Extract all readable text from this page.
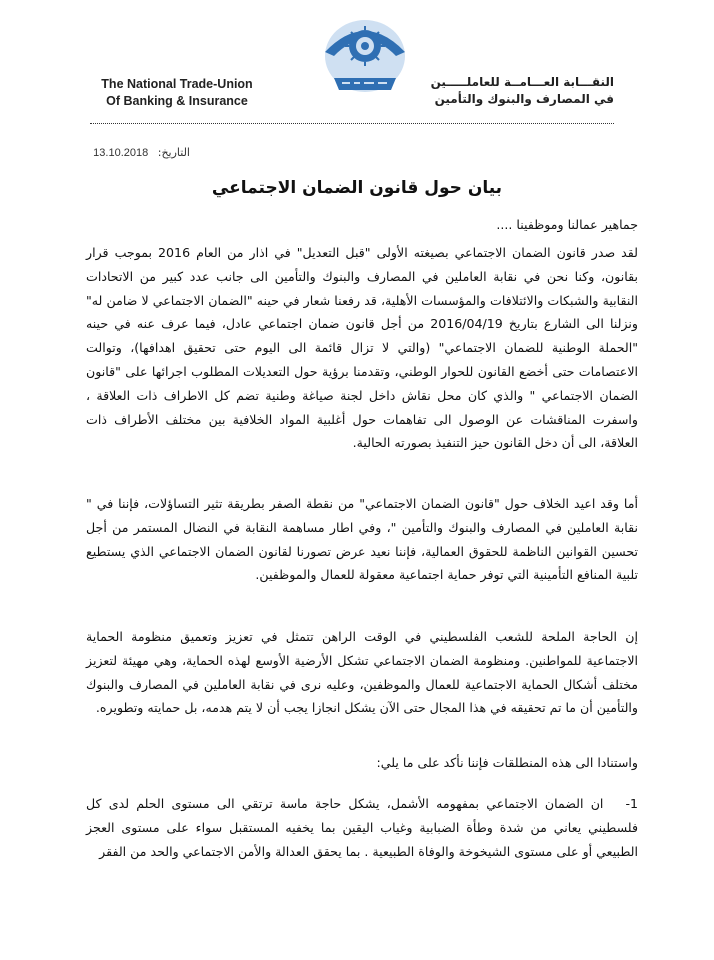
The National Trade-Union
Of Banking & Insurance
النقـــابة العـــامــة للعاملـــــين
في المصارف والبنوك والتأمين
التاريخ: 13.10.2018
بيان حول قانون الضمان الاجتماعي
جماهير عمالنا وموظفينا ....
لقد صدر قانون الضمان الاجتماعي بصيغته الأولى "قبل التعديل" في اذار من العام 2016 بموجب قرار بقانون، وكنا نحن في نقابة العاملين في المصارف والبنوك والتأمين الى جانب عدد كبير من الاتحادات النقابية والشبكات والائتلافات والمؤسسات الأهلية، قد رفعنا شعار في حينه "الضمان الاجتماعي لا ضامن له" ونزلنا الى الشارع بتاريخ 2016/04/19 من أجل قانون ضمان اجتماعي عادل، فيما عرف عنه في حينه "الحملة الوطنية للضمان الاجتماعي" (والتي لا تزال قائمة الى اليوم حتى تحقيق اهدافها)، وتوالت الاعتصامات حتى أخضع القانون للحوار الوطني، وتقدمنا برؤية حول التعديلات المطلوب اجرائها على "قانون الضمان الاجتماعي " والذي كان محل نقاش داخل لجنة صياغة وطنية تضم كل الاطراف ذات العلاقة ، واسفرت المناقشات عن الوصول الى تفاهمات حول أغلبية المواد الخلافية بين مختلف الأطراف ذات العلاقة، الى أن دخل القانون حيز التنفيذ بصورته الحالية.
أما وقد اعيد الخلاف حول "قانون الضمان الاجتماعي" من نقطة الصفر بطريقة تثير التساؤلات، فإننا في " نقابة العاملين في المصارف والبنوك والتأمين "، وفي اطار مساهمة النقابة في النضال المستمر من أجل تحسين القوانين الناظمة للحقوق العمالية، فإننا نعيد عرض تصورنا لقانون الضمان الاجتماعي الذي يستطيع تلبية المنافع التأمينية التي توفر حماية اجتماعية معقولة للعمال والموظفين.
إن الحاجة الملحة للشعب الفلسطيني في الوقت الراهن تتمثل في تعزيز وتعميق منظومة الحماية الاجتماعية للمواطنين. ومنظومة الضمان الاجتماعي تشكل الأرضية الأوسع لهذه الحماية، وهي مهيئة لتعزيز مختلف أشكال الحماية الاجتماعية للعمال والموظفين، وعليه نرى في نقابة العاملين في المصارف والبنوك والتأمين أن ما تم تحقيقه في هذا المجال حتى الآن يشكل انجازا يجب أن لا يتم هدمه، بل حمايته وتطويره.
واستنادا الى هذه المنطلقات فإننا نأكد على ما يلي:
1-ان الضمان الاجتماعي بمفهومه الأشمل، يشكل حاجة ماسة ترتقي الى مستوى الحلم لدى كل فلسطيني يعاني من شدة وطأة الضبابية وغياب اليقين بما يخفيه المستقبل سواء على مستوى العجز الطبيعي أو على مستوى الشيخوخة والوفاة الطبيعية . بما يحقق العدالة والأمن الاجتماعي والحد من الفقر
